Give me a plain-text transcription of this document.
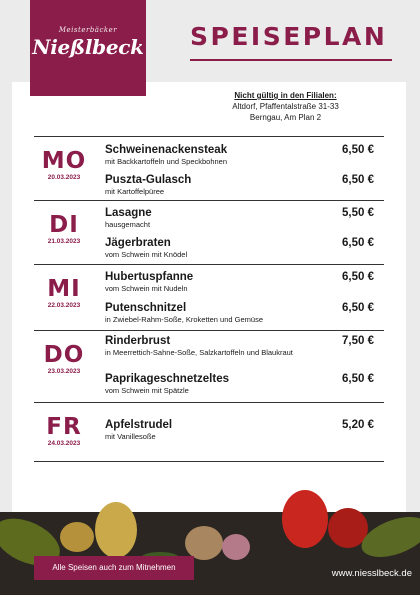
Meisterbäcker
Nießlbeck SPEISEPLAN
Nicht gültig in den Filialen:
Altdorf, Pfaffentalstraße 31-33
Berngau, Am Plan 2
MO
20.03.2023
Schweinenackensteak
mit Backkartoffeln und Speckbohnen
6,50 €
Puszta-Gulasch
mit Kartoffelpüree
6,50 €
DI
21.03.2023
Lasagne
hausgemacht
5,50 €
Jägerbraten
vom Schwein mit Knödel
6,50 €
MI
22.03.2023
Hubertuspfanne
vom Schwein mit Nudeln
6,50 €
Putenschnitzel
in Zwiebel-Rahm-Soße, Kroketten und Gemüse
6,50 €
DO
23.03.2023
Rinderbrust
in Meerrettich-Sahne-Soße, Salzkartoffeln und Blaukraut
7,50 €
Paprikageschnetzeltes
vom Schwein mit Spätzle
6,50 €
FR
24.03.2023
Apfelstrudel
mit Vanillesoße
5,20 €
Alle Speisen auch zum Mitnehmen
www.niesslbeck.de
